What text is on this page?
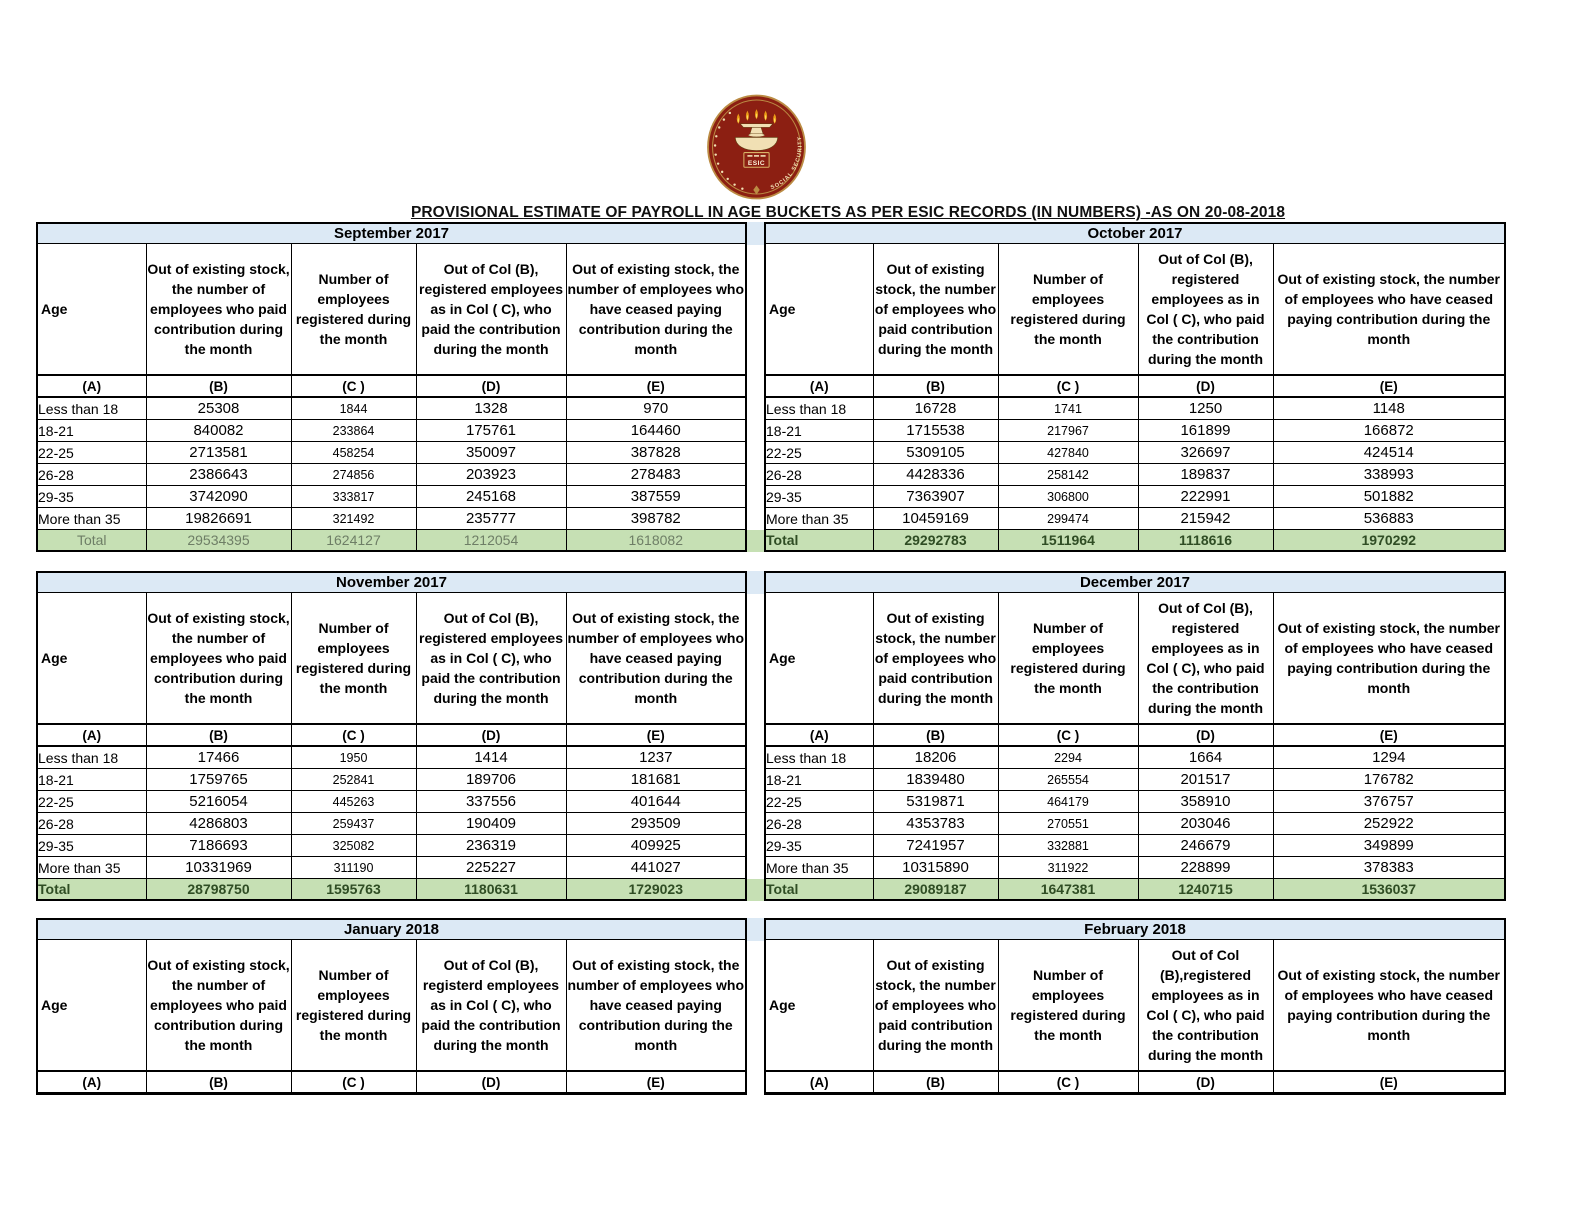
ESIC
SOCIAL SECURITY
PROVISIONAL ESTIMATE OF PAYROLL IN AGE BUCKETS AS PER ESIC RECORDS (IN NUMBERS) -AS ON 20-08-2018
September 2017				
Age	Out of existing stock, the number of employees who paid contribution during the month	Number of employees registered during the month	Out of Col (B), registered employees as in Col ( C), who paid the contribution during the month	Out of existing stock, the number of employees who have ceased paying contribution during the month
(A)	(B)	(C )	(D)	(E)
Less than 18	25308	1844	1328	970
18-21	840082	233864	175761	164460
22-25	2713581	458254	350097	387828
26-28	2386643	274856	203923	278483
29-35	3742090	333817	245168	387559
More than 35	19826691	321492	235777	398782
Total	29534395	1624127	1212054	1618082
October 2017				
Age	Out of existing stock, the number of employees who paid contribution during the month	Number of employees registered during the month	Out of Col (B), registered employees as in Col ( C), who paid the contribution during the month	Out of existing stock, the number of employees who have ceased paying contribution during the month
(A)	(B)	(C )	(D)	(E)
Less than 18	16728	1741	1250	1148
18-21	1715538	217967	161899	166872
22-25	5309105	427840	326697	424514
26-28	4428336	258142	189837	338993
29-35	7363907	306800	222991	501882
More than 35	10459169	299474	215942	536883
Total	29292783	1511964	1118616	1970292
November 2017				
Age	Out of existing stock, the number of employees who paid contribution during the month	Number of employees registered during the month	Out of Col (B), registered employees as in Col ( C), who paid the contribution during the month	Out of existing stock, the number of employees who have ceased paying contribution during the month
(A)	(B)	(C )	(D)	(E)
Less than 18	17466	1950	1414	1237
18-21	1759765	252841	189706	181681
22-25	5216054	445263	337556	401644
26-28	4286803	259437	190409	293509
29-35	7186693	325082	236319	409925
More than 35	10331969	311190	225227	441027
Total	28798750	1595763	1180631	1729023
December 2017				
Age	Out of existing stock, the number of employees who paid contribution during the month	Number of employees registered during the month	Out of Col (B), registered employees as in Col ( C), who paid the contribution during the month	Out of existing stock, the number of employees who have ceased paying contribution during the month
(A)	(B)	(C )	(D)	(E)
Less than 18	18206	2294	1664	1294
18-21	1839480	265554	201517	176782
22-25	5319871	464179	358910	376757
26-28	4353783	270551	203046	252922
29-35	7241957	332881	246679	349899
More than 35	10315890	311922	228899	378383
Total	29089187	1647381	1240715	1536037
January 2018				
Age	Out of existing stock, the number of employees who paid contribution during the month	Number of employees registered during the month	Out of Col (B), registerd employees as in Col ( C), who paid the contribution during the month	Out of existing stock, the number of employees who have ceased paying contribution during the month
(A)	(B)	(C )	(D)	(E)
February 2018				
Age	Out of existing stock, the number of employees who paid contribution during the month	Number of employees registered during the month	Out of Col (B),registered employees as in Col ( C), who paid the contribution during the month	Out of existing stock, the number of employees who have ceased paying contribution during the month
(A)	(B)	(C )	(D)	(E)
